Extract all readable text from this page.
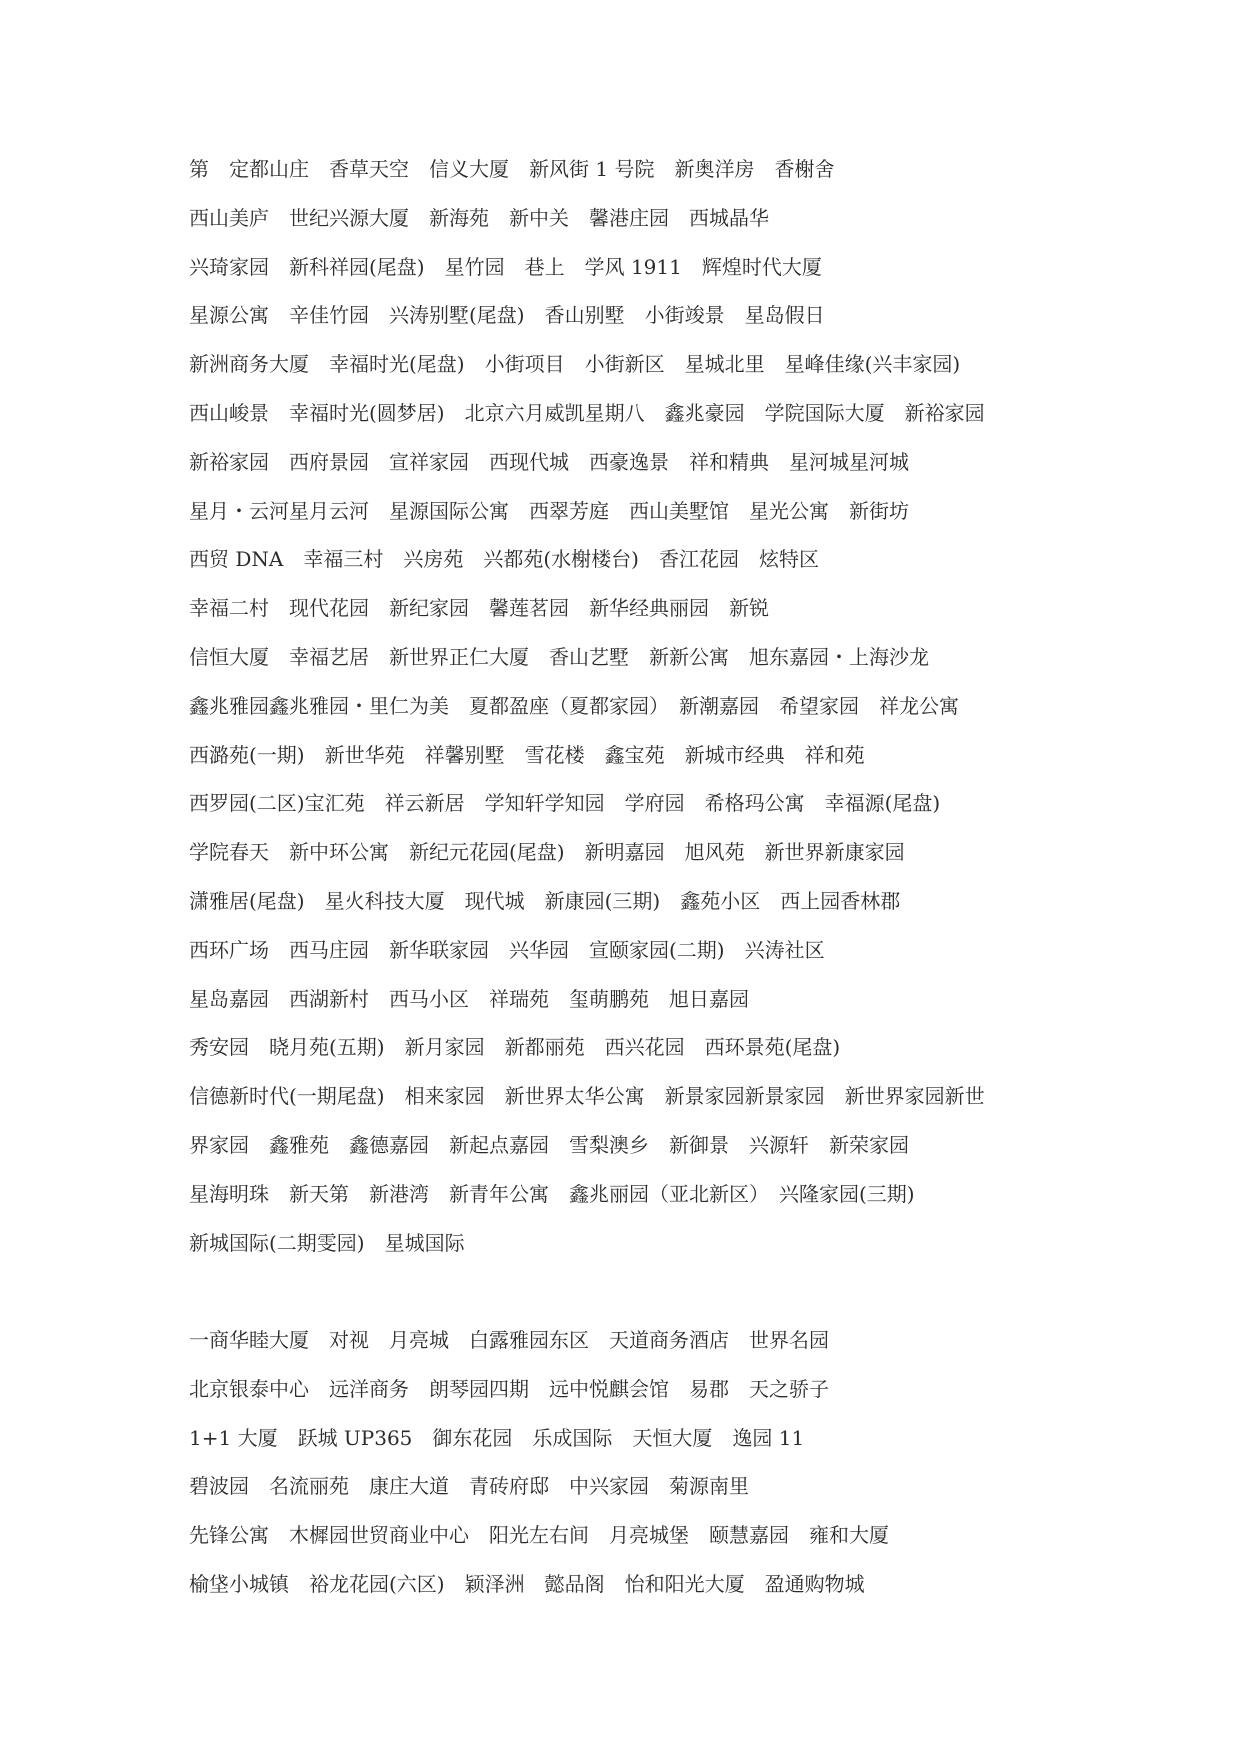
第　定都山庄　香草天空　信义大厦　新风街 1 号院　新奥洋房　香榭舍
西山美庐　世纪兴源大厦　新海苑　新中关　馨港庄园　西城晶华
兴琦家园　新科祥园(尾盘)　星竹园　巷上　学风 1911　辉煌时代大厦
星源公寓　辛佳竹园　兴涛别墅(尾盘)　香山别墅　小街竣景　星岛假日
新洲商务大厦　幸福时光(尾盘)　小街项目　小街新区　星城北里　星峰佳缘(兴丰家园)
西山峻景　幸福时光(圆梦居)　北京六月威凯星期八　鑫兆豪园　学院国际大厦　新裕家园
新裕家园　西府景园　宣祥家园　西现代城　西豪逸景　祥和精典　星河城星河城
星月・云河星月云河　星源国际公寓　西翠芳庭　西山美墅馆　星光公寓　新街坊
西贸 DNA　幸福三村　兴房苑　兴都苑(水榭楼台)　香江花园　炫特区
幸福二村　现代花园　新纪家园　馨莲茗园　新华经典丽园　新锐
信恒大厦　幸福艺居　新世界正仁大厦　香山艺墅　新新公寓　旭东嘉园・上海沙龙
鑫兆雅园鑫兆雅园・里仁为美　夏都盈座（夏都家园）　新潮嘉园　希望家园　祥龙公寓
西潞苑(一期)　新世华苑　祥馨别墅　雪花楼　鑫宝苑　新城市经典　祥和苑
西罗园(二区)宝汇苑　祥云新居　学知轩学知园　学府园　希格玛公寓　幸福源(尾盘)
学院春天　新中环公寓　新纪元花园(尾盘)　新明嘉园　旭风苑　新世界新康家园
潇雅居(尾盘)　星火科技大厦　现代城　新康园(三期)　鑫苑小区　西上园香林郡
西环广场　西马庄园　新华联家园　兴华园　宣颐家园(二期)　兴涛社区
星岛嘉园　西湖新村　西马小区　祥瑞苑　玺萌鹏苑　旭日嘉园
秀安园　晓月苑(五期)　新月家园　新都丽苑　西兴花园　西环景苑(尾盘)
信德新时代(一期尾盘)　相来家园　新世界太华公寓　新景家园新景家园　新世界家园新世
界家园　鑫雅苑　鑫德嘉园　新起点嘉园　雪梨澳乡　新御景　兴源轩　新荣家园
星海明珠　新天第　新港湾　新青年公寓　鑫兆丽园（亚北新区）　兴隆家园(三期)
新城国际(二期雯园)　星城国际
一商华睦大厦　对视　月亮城　白露雅园东区　天道商务酒店　世界名园
北京银泰中心　远洋商务　朗琴园四期　远中悦麒会馆　易郡　天之骄子
1+1 大厦　跃城 UP365　御东花园　乐成国际　天恒大厦　逸园 11
碧波园　名流丽苑　康庄大道　青砖府邸　中兴家园　菊源南里
先锋公寓　木樨园世贸商业中心　阳光左右间　月亮城堡　颐慧嘉园　雍和大厦
榆垡小城镇　裕龙花园(六区)　颖泽洲　懿品阁　怡和阳光大厦　盈通购物城
